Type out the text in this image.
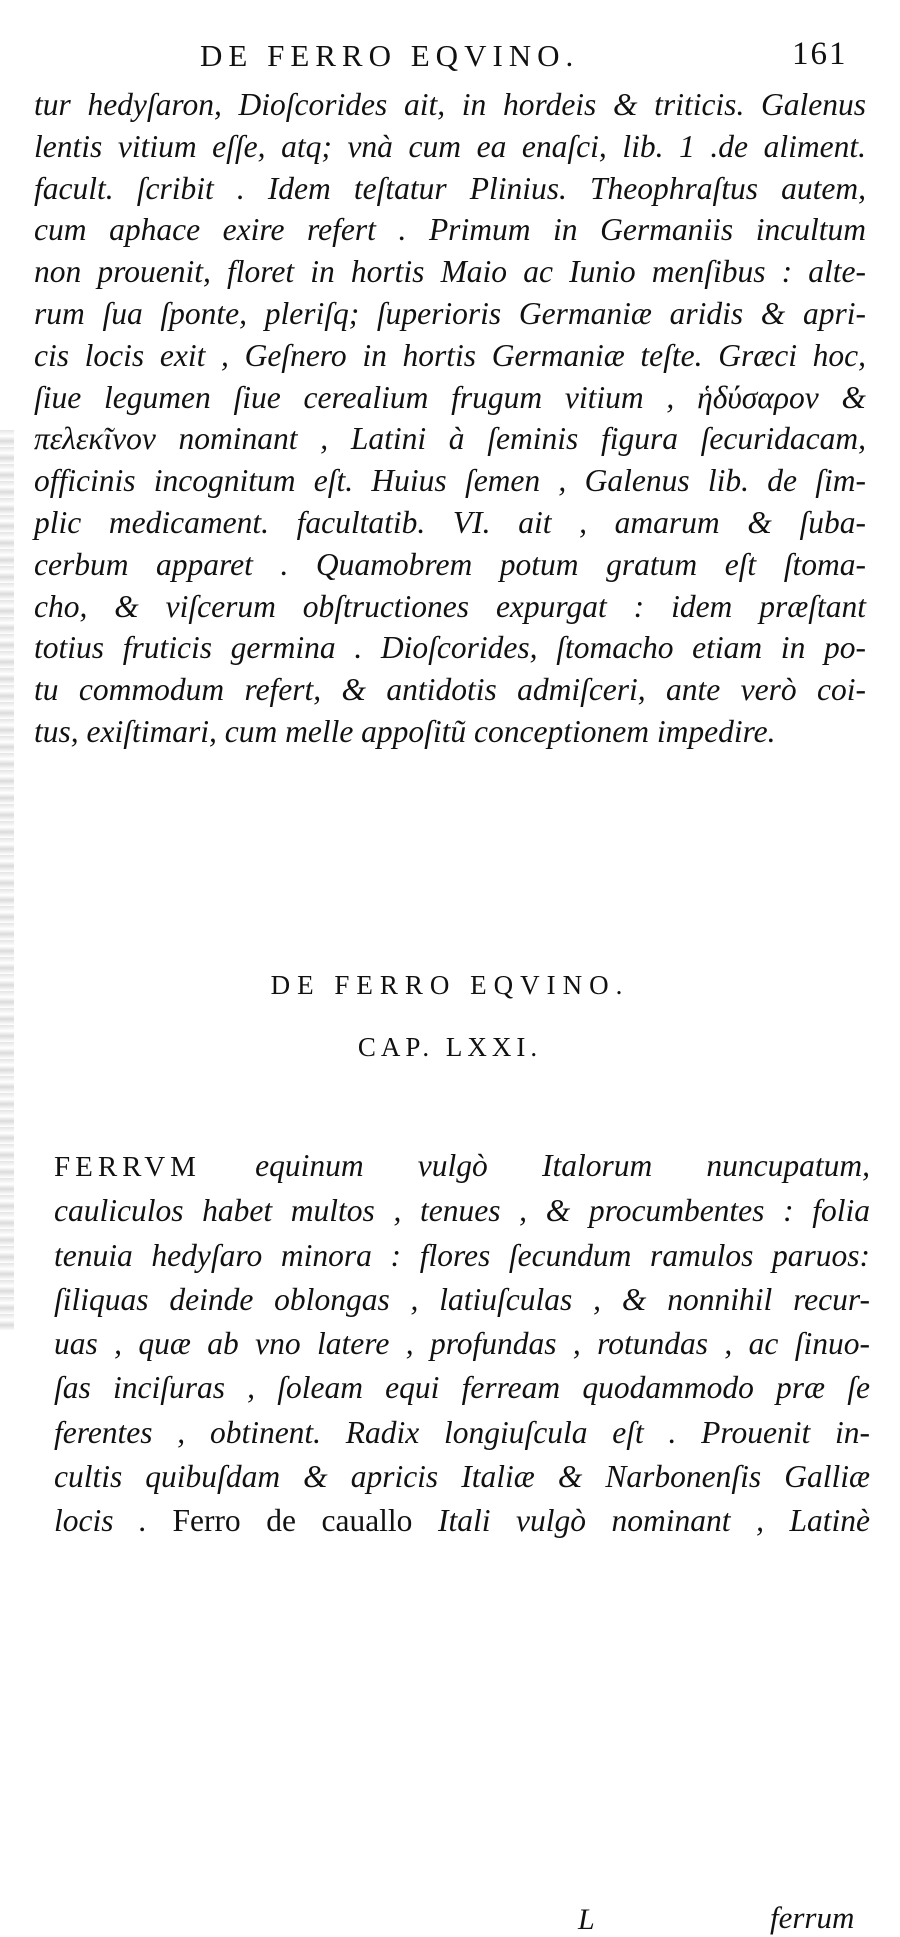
DE FERRO EQVINO.	161
tur hedyſaron, Dioſcorides ait, in hordeis & triticis. Galenus
lentis vitium eſſe, atq; vnà cum ea enaſci, lib. 1 .de aliment.
facult. ſcribit . Idem teſtatur Plinius. Theophraſtus autem,
cum aphace exire refert . Primum in Germaniis incultum
non prouenit, floret in hortis Maio ac Iunio menſibus : alte-
rum ſua ſponte, pleriſq; ſuperioris Germaniæ aridis & apri-
cis locis exit , Geſnero in hortis Germaniæ teſte. Græci hoc,
ſiue legumen ſiue cerealium frugum vitium , ἡδύσαρον &
πελεκῖνον nominant , Latini à ſeminis figura ſecuridacam,
officinis incognitum eſt. Huius ſemen , Galenus lib. de ſim-
plic medicament. facultatib. VI. ait , amarum & ſuba-
cerbum apparet . Quamobrem potum gratum eſt ſtoma-
cho, & viſcerum obſtructiones expurgat : idem præſtant
totius fruticis germina . Dioſcorides, ſtomacho etiam in po-
tu commodum refert, & antidotis admiſceri, ante verò coi-
tus, exiſtimari, cum melle appoſitũ conceptionem impedire.
DE FERRO EQVINO.
CAP. LXXI.
FERRVM equinum vulgò Italorum nuncupatum,
cauliculos habet multos , tenues , & procumbentes : folia
tenuia hedyſaro minora : flores ſecundum ramulos paruos:
ſiliquas deinde oblongas , latiuſculas , & nonnihil recur-
uas , quæ ab vno latere , profundas , rotundas , ac ſinuo-
ſas inciſuras , ſoleam equi ferream quodammodo præ ſe
ferentes , obtinent. Radix longiuſcula eſt . Prouenit in-
cultis quibuſdam & apricis Italiæ & Narbonenſis Galliæ
locis . Ferro de cauallo Itali vulgò nominant , Latinè
L	ferrum
